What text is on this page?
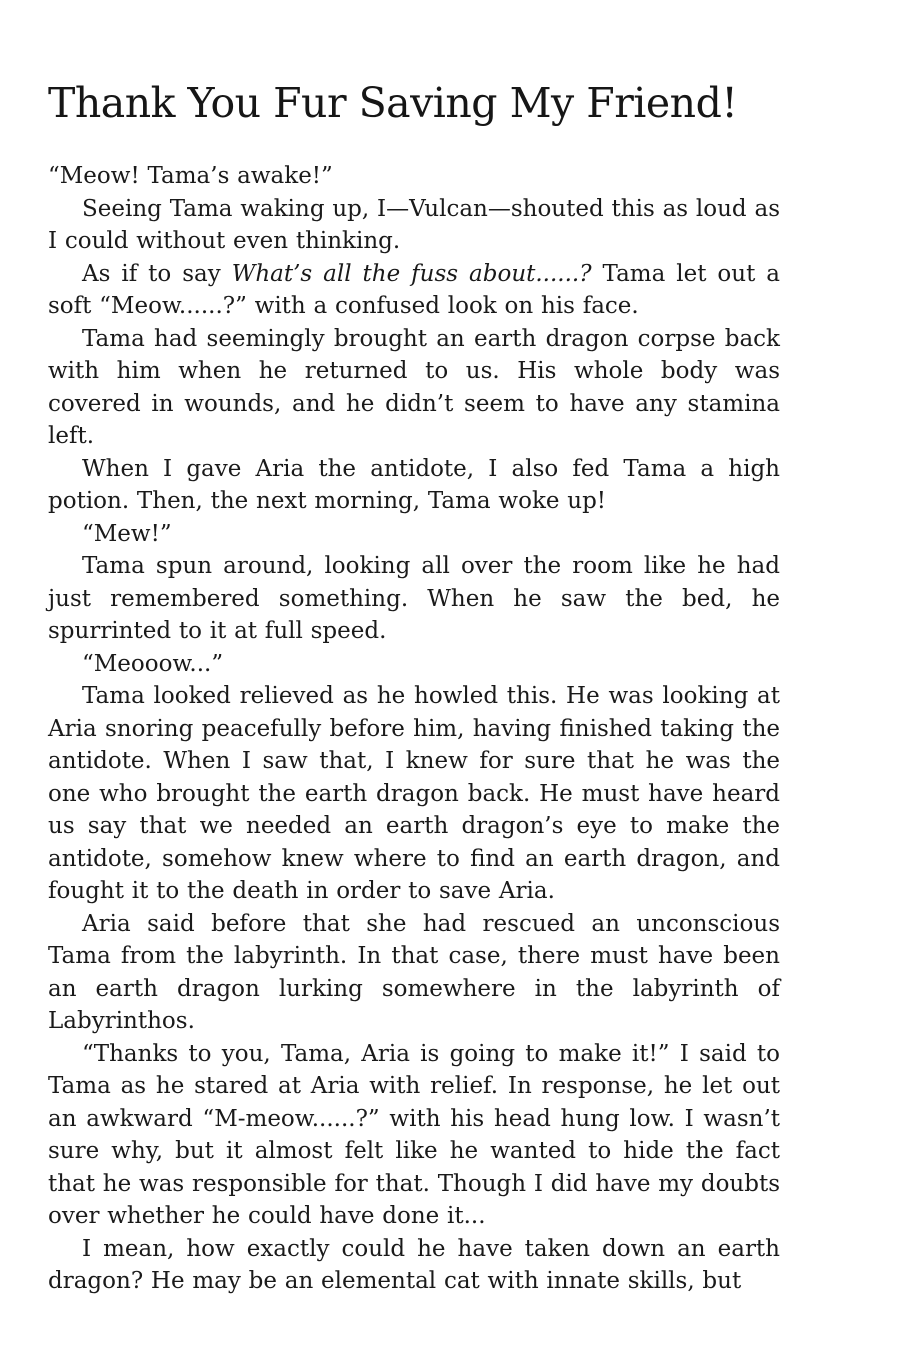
Thank You Fur Saving My Friend!

“Meow! Tama’s awake!”

Seeing Tama waking up, I—Vulcan—shouted this as loud as I could without even thinking.

As if to say What’s all the fuss about......? Tama let out a soft “Meow......?” with a confused look on his face.

Tama had seemingly brought an earth dragon corpse back with him when he returned to us. His whole body was covered in wounds, and he didn’t seem to have any stamina left.

When I gave Aria the antidote, I also fed Tama a high potion. Then, the next morning, Tama woke up!

“Mew!”

Tama spun around, looking all over the room like he had just remembered something. When he saw the bed, he spurrinted to it at full speed.

“Meooow...”

Tama looked relieved as he howled this. He was looking at Aria snoring peacefully before him, having finished taking the antidote. When I saw that, I knew for sure that he was the one who brought the earth dragon back. He must have heard us say that we needed an earth dragon’s eye to make the antidote, somehow knew where to find an earth dragon, and fought it to the death in order to save Aria.

Aria said before that she had rescued an unconscious Tama from the labyrinth. In that case, there must have been an earth dragon lurking somewhere in the labyrinth of Labyrinthos.

“Thanks to you, Tama, Aria is going to make it!” I said to Tama as he stared at Aria with relief. In response, he let out an awkward “M-meow......?” with his head hung low. I wasn’t sure why, but it almost felt like he wanted to hide the fact that he was responsible for that. Though I did have my doubts over whether he could have done it...

I mean, how exactly could he have taken down an earth dragon? He may be an elemental cat with innate skills, but
